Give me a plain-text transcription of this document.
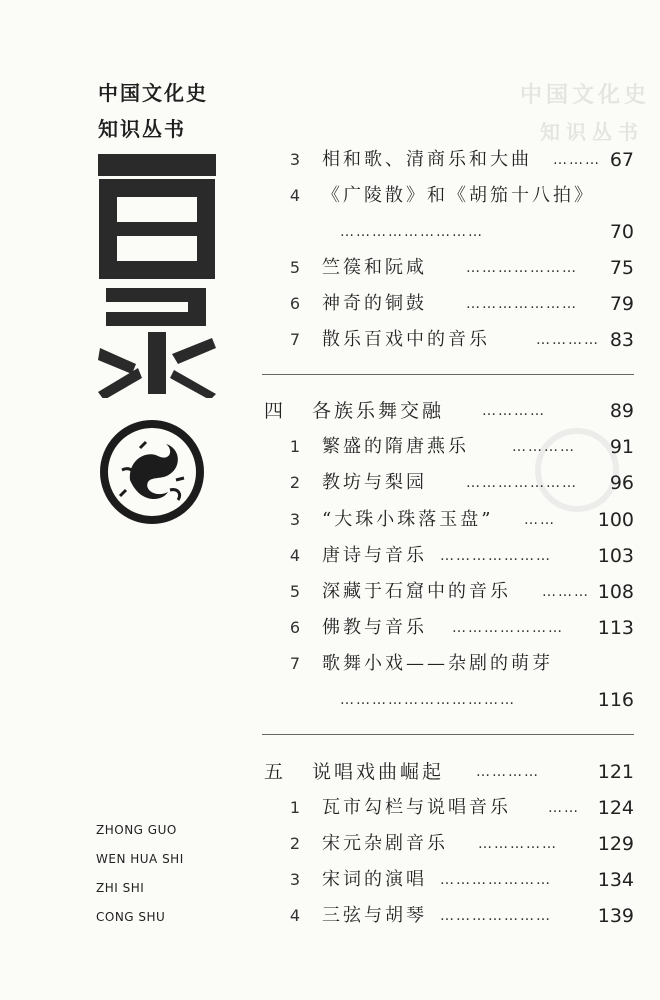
中国文化史
知识丛书
中国文化史
知识丛书
ZHONG GUO
WEN HUA SHI
ZHI SHI
CONG SHU
3 相和歌、清商乐和大曲 ……… 67
4 《广陵散》和《胡笳十八拍》
………………………	70
5 竺篌和阮咸	………………… 75
6 神奇的铜鼓	………………… 79
7 散乐百戏中的音乐	………… 83
四 各族乐舞交融	…………	89
1 繁盛的隋唐燕乐	………… 91
2 教坊与梨园	………………… 96
3 “大珠小珠落玉盘” …… 100
4 唐诗与音乐 ………………… 103
5 深藏于石窟中的音乐 ……… 108
6 佛教与音乐 ………………… 113
7 歌舞小戏——杂剧的萌芽
……………………………	116
五 说唱戏曲崛起 …………	121
1 瓦市勾栏与说唱音乐	…… 124
2 宋元杂剧音乐 …………… 129
3 宋词的演唱 ………………… 134
4 三弦与胡琴 ………………… 139
